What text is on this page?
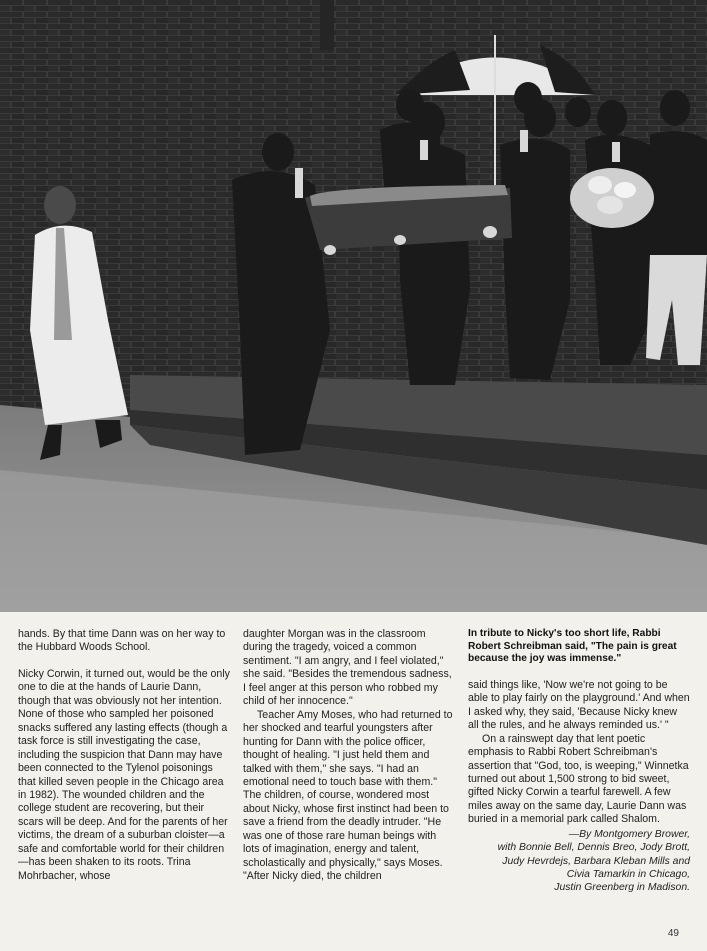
hands. By that time Dann was on her way to the Hubbard Woods School.

Nicky Corwin, it turned out, would be the only one to die at the hands of Laurie Dann, though that was obviously not her intention. None of those who sampled her poisoned snacks suffered any lasting effects (though a task force is still investigating the case, including the suspicion that Dann may have been connected to the Tylenol poisonings that killed seven people in the Chicago area in 1982). The wounded children and the college student are recovering, but their scars will be deep. And for the parents of her victims, the dream of a suburban cloister—a safe and comfortable world for their children—has been shaken to its roots. Trina Mohrbacher, whose

daughter Morgan was in the classroom during the tragedy, voiced a common sentiment. "I am angry, and I feel violated," she said. "Besides the tremendous sadness, I feel anger at this person who robbed my child of her innocence."

Teacher Amy Moses, who had returned to her shocked and tearful youngsters after hunting for Dann with the police officer, thought of healing. "I just held them and talked with them," she says. "I had an emotional need to touch base with them." The children, of course, wondered most about Nicky, whose first instinct had been to save a friend from the deadly intruder. "He was one of those rare human beings with lots of imagination, energy and talent, scholastically and physically," says Moses. "After Nicky died, the children

In tribute to Nicky's too short life, Rabbi Robert Schreibman said, "The pain is great because the joy was immense."

said things like, 'Now we're not going to be able to play fairly on the playground.' And when I asked why, they said, 'Because Nicky knew all the rules, and he always reminded us.' "

On a rainswept day that lent poetic emphasis to Rabbi Robert Schreibman's assertion that "God, too, is weeping," Winnetka turned out about 1,500 strong to bid sweet, gifted Nicky Corwin a tearful farewell. A few miles away on the same day, Laurie Dann was buried in a memorial park called Shalom.

—By Montgomery Brower,
with Bonnie Bell, Dennis Breo, Jody Brott,
Judy Hevrdejs, Barbara Kleban Mills and
Civia Tamarkin in Chicago,
Justin Greenberg in Madison.

49
